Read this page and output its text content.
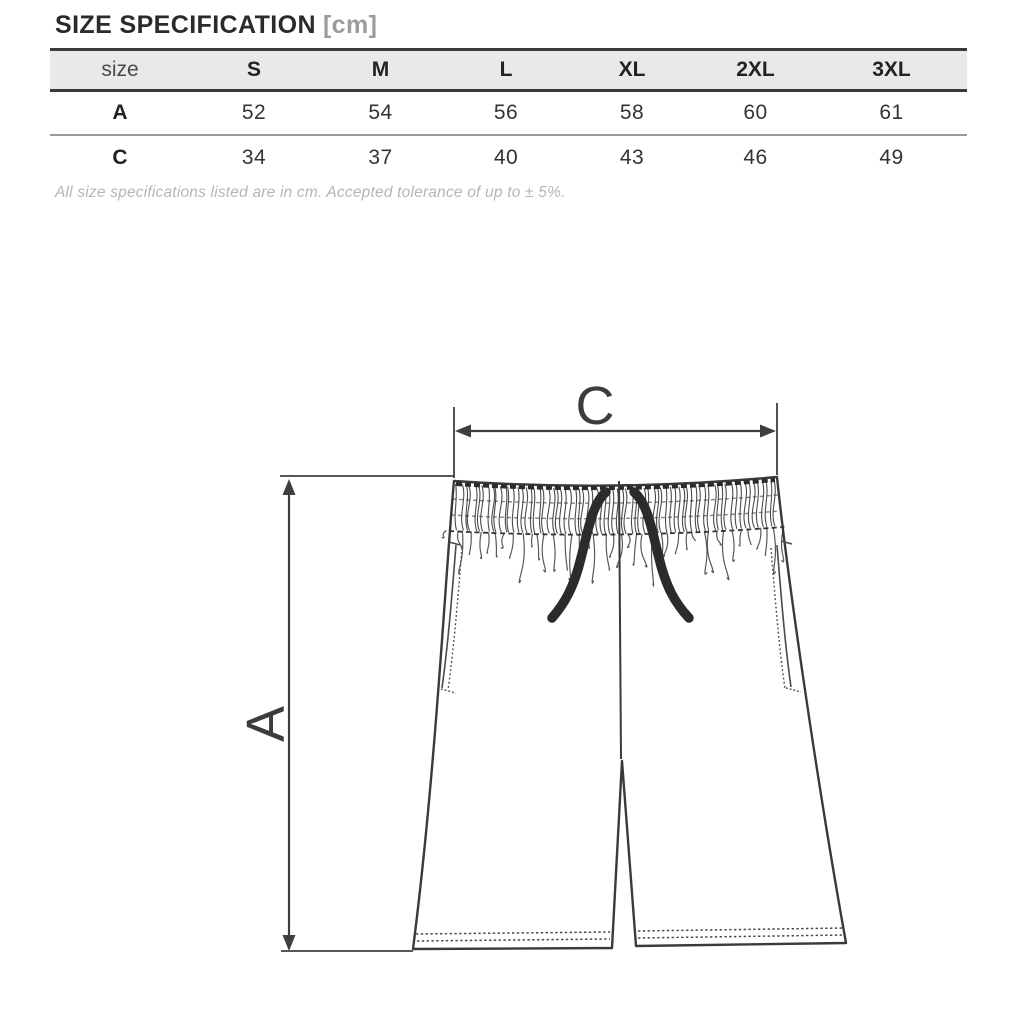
SIZE SPECIFICATION [cm]
size	S	M	L	XL	2XL	3XL
A	52	54	56	58	60	61
C	34	37	40	43	46	49
All size specifications listed are in cm. Accepted tolerance of up to ± 5%.
C
A
